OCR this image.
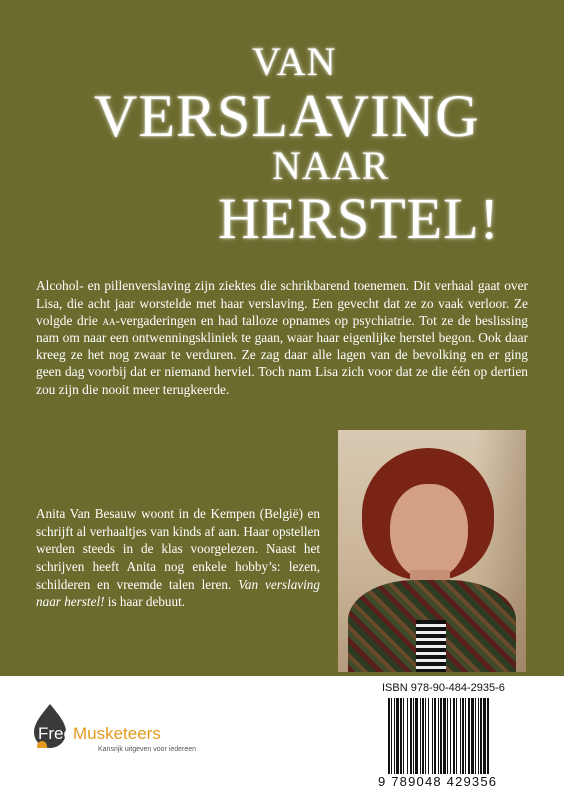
VAN
VERSLAVING
NAAR
HERSTEL!

Alcohol- en pillenverslaving zijn ziektes die schrikbarend toenemen. Dit verhaal gaat over Lisa, die acht jaar worstelde met haar verslaving. Een gevecht dat ze zo vaak verloor. Ze volgde drie aa-vergaderingen en had talloze opnames op psychiatrie. Tot ze de beslissing nam om naar een ontwenningskliniek te gaan, waar haar eigenlijke herstel begon. Ook daar kreeg ze het nog zwaar te verduren. Ze zag daar alle lagen van de bevolking en er ging geen dag voorbij dat er niemand herviel. Toch nam Lisa zich voor dat ze die één op dertien zou zijn die nooit meer terugkeerde.

Anita Van Besauw woont in de Kempen (België) en schrijft al verhaaltjes van kinds af aan. Haar opstellen werden steeds in de klas voorgelezen. Naast het schrijven heeft Anita nog enkele hobby’s: lezen, schilderen en vreemde talen leren. Van verslaving naar herstel! is haar debuut.

FreeMusketeers
Kansrijk uitgeven voor iedereen
ISBN 978-90-484-2935-6
9 789048 429356
